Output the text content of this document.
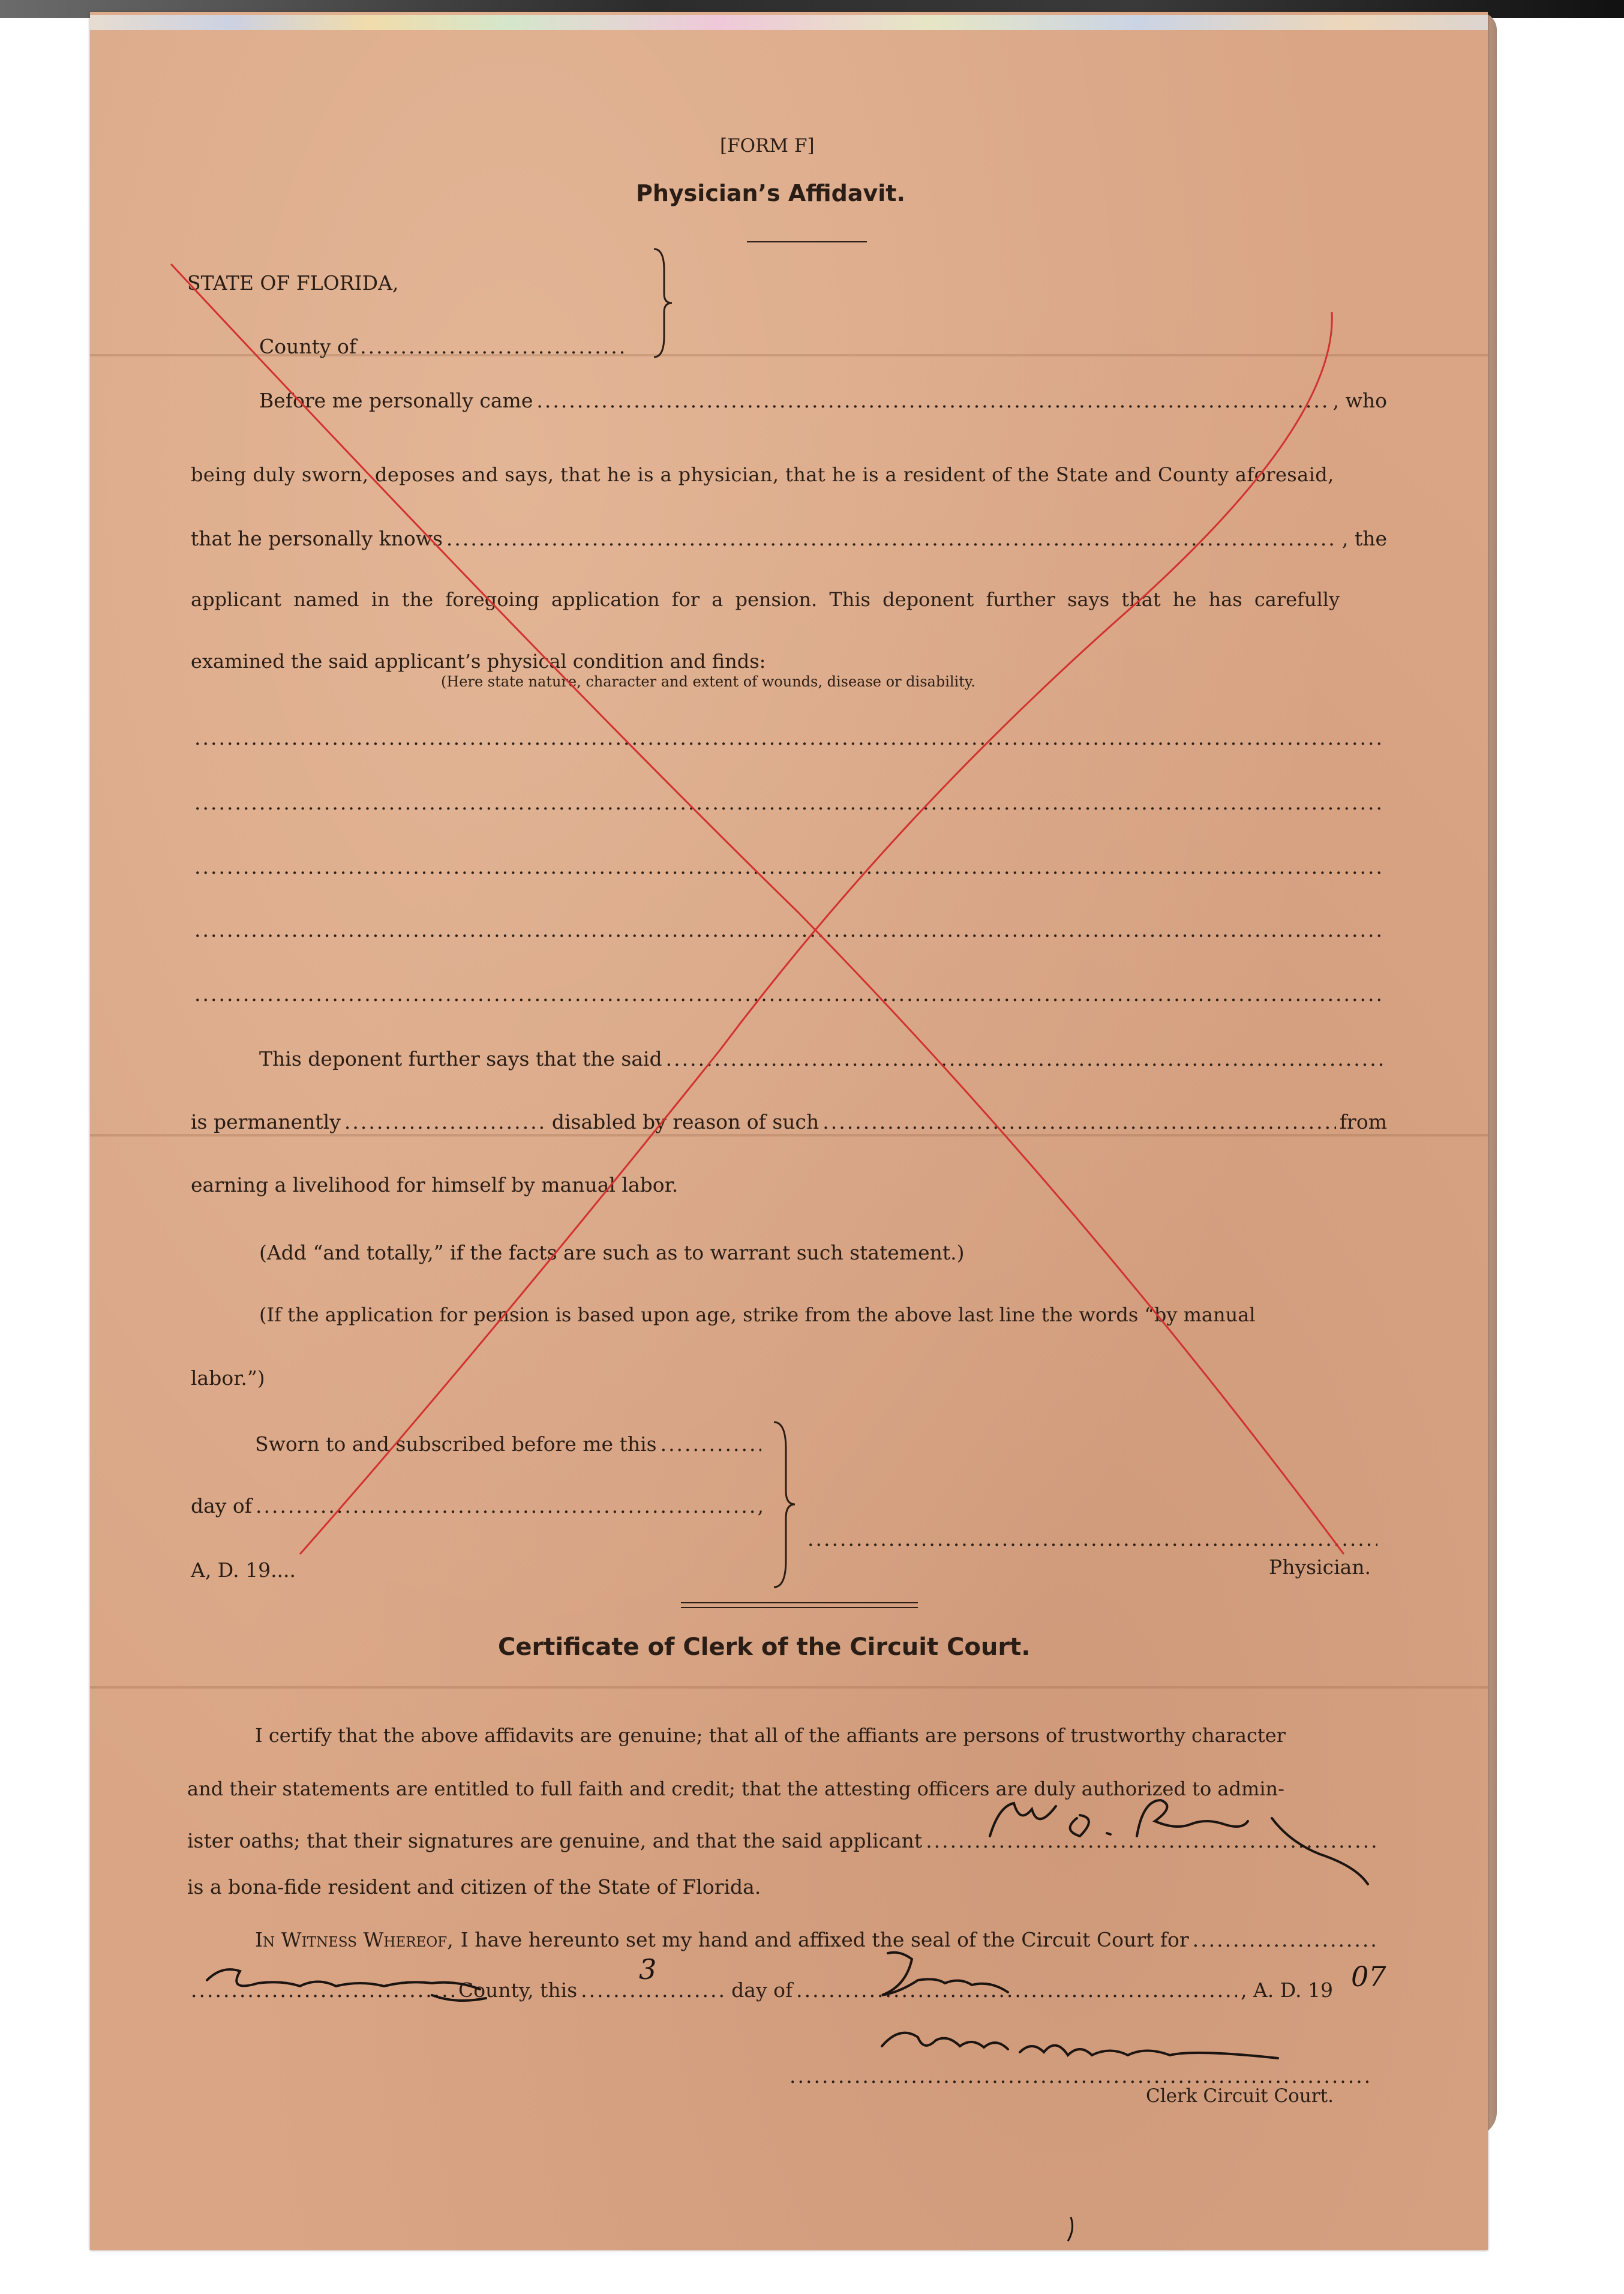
[FORM F]
Physician’s Affidavit.
STATE OF FLORIDA,
County of
.....
Before me personally came .....	, who
being duly sworn, deposes and says, that he is a physician, that he is a resident of the State and County aforesaid,
that he personally knows .....	, the
applicant named in the foregoing application for a pension. This deponent further says that he has carefully
examined the said applicant’s physical condition and finds:
(Here state nature, character and extent of wounds, disease or disability.
.....
.....
.....
.....
.....
This deponent further says that the said
.....
is permanently .....	disabled by reason of such .....	from
earning a livelihood for himself by manual labor.
(Add “and totally,” if the facts are such as to warrant such statement.)
(If the application for pension is based upon age, strike from the above last line the words “by manual
labor.”)
Sworn to and subscribed before me this
.....
day of .....	,
A, D. 19....
.....	Physician.
Certificate of Clerk of the Circuit Court.
I certify that the above affidavits are genuine; that all of the affiants are persons of trustworthy character
and their statements are entitled to full faith and credit; that the attesting officers are duly authorized to admin-
ister oaths; that their signatures are genuine, and that the said applicant
.....
is a bona-fide resident and citizen of the State of Florida.
In Witness Whereof, I have hereunto set my hand and affixed the seal of the Circuit Court for
.....
.....
County, this .....	day of .....	, A. D. 19
.....
Clerk Circuit Court.
3	07
